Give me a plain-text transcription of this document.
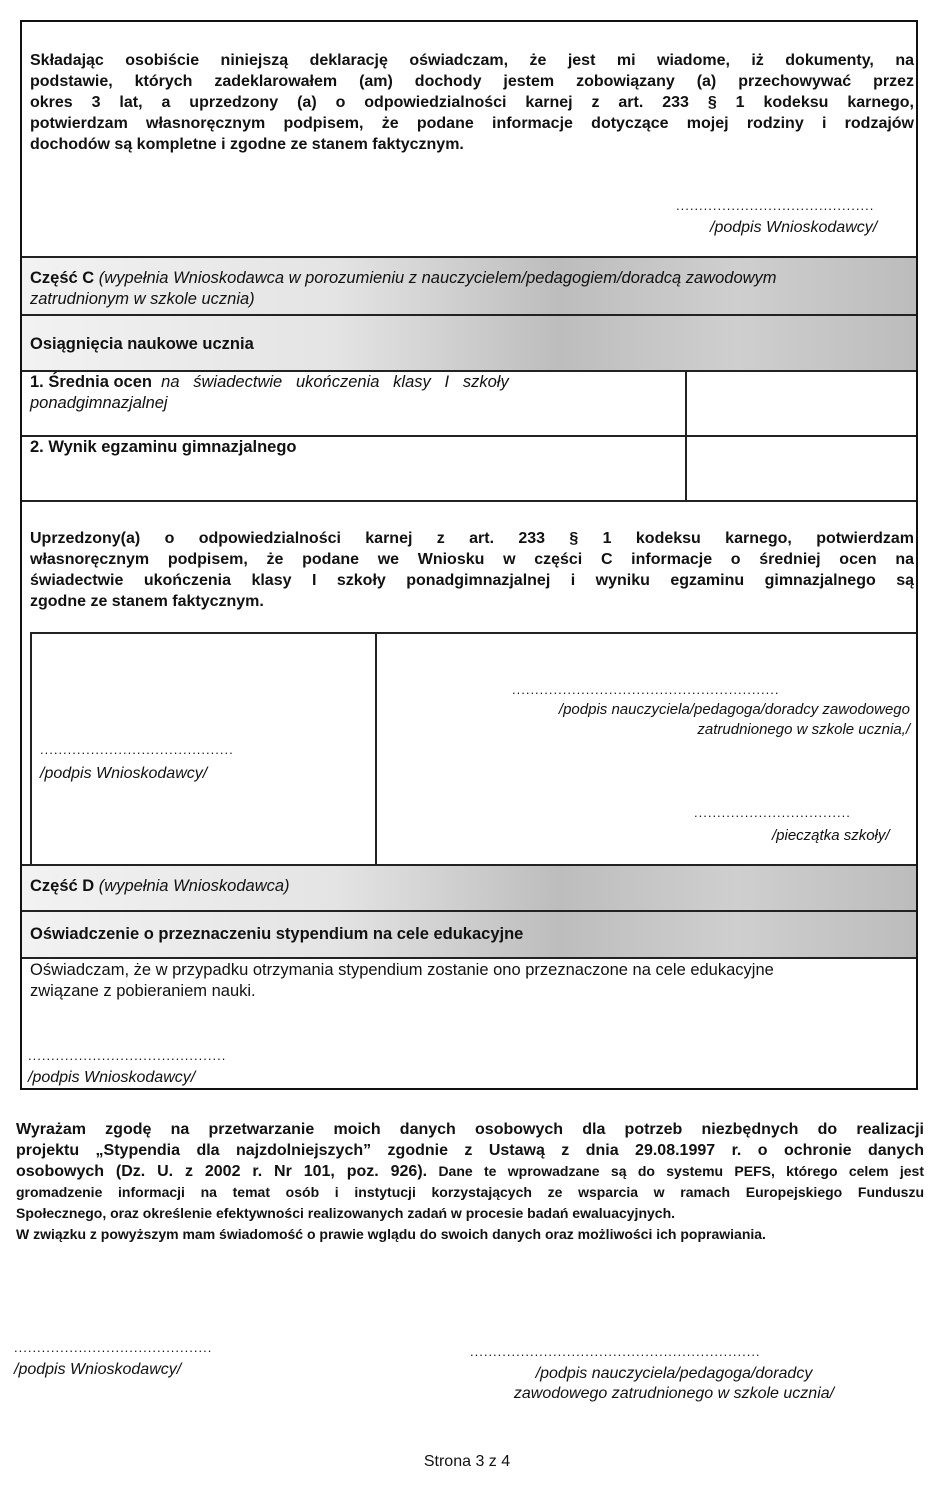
Składając osobiście niniejszą deklarację oświadczam, że jest mi wiadome, iż dokumenty, na
podstawie, których zadeklarowałem (am) dochody jestem zobowiązany (a) przechowywać przez
okres 3 lat, a uprzedzony (a) o odpowiedzialności karnej z art. 233 § 1 kodeksu karnego,
potwierdzam własnoręcznym podpisem, że podane informacje dotyczące mojej rodziny i rodzajów
dochodów są kompletne i zgodne ze stanem faktycznym.
...........................................
/podpis Wnioskodawcy/
Część C (wypełnia Wnioskodawca w porozumieniu z nauczycielem/pedagogiem/doradcą zawodowym
zatrudnionym w szkole ucznia)
Osiągnięcia naukowe ucznia
1. Średnia ocen  na   świadectwie   ukończenia   klasy   I   szkoły
ponadgimnazjalnej
2. Wynik egzaminu gimnazjalnego
Uprzedzony(a) o odpowiedzialności karnej z art. 233 § 1 kodeksu karnego, potwierdzam
własnoręcznym podpisem, że podane we Wniosku w części C informacje o średniej ocen na
świadectwie ukończenia klasy I szkoły ponadgimnazjalnej i wyniku egzaminu gimnazjalnego są
zgodne ze stanem faktycznym.
..........................................
/podpis Wnioskodawcy/
..........................................................
/podpis nauczyciela/pedagoga/doradcy zawodowego
zatrudnionego w szkole ucznia,/
..................................
/pieczątka szkoły/
Część D (wypełnia Wnioskodawca)
Oświadczenie o przeznaczeniu stypendium na cele edukacyjne
Oświadczam, że w przypadku otrzymania stypendium zostanie ono przeznaczone na cele edukacyjne
związane z pobieraniem nauki.
...........................................
/podpis Wnioskodawcy/
Wyrażam zgodę na przetwarzanie moich danych osobowych dla potrzeb niezbędnych do realizacji
projektu „Stypendia dla najzdolniejszych” zgodnie z Ustawą z dnia 29.08.1997 r. o ochronie danych
osobowych (Dz. U. z 2002 r. Nr 101, poz. 926). Dane te wprowadzane są do systemu PEFS, którego celem jest
gromadzenie informacji na temat osób i instytucji korzystających ze wsparcia w ramach Europejskiego Funduszu
Społecznego, oraz określenie efektywności realizowanych zadań w procesie badań ewaluacyjnych.
W związku z powyższym mam świadomość o prawie wglądu do swoich danych oraz możliwości ich poprawiania.
...........................................
/podpis Wnioskodawcy/
...............................................................
/podpis nauczyciela/pedagoga/doradcy
zawodowego zatrudnionego w szkole ucznia/
Strona 3 z 4
